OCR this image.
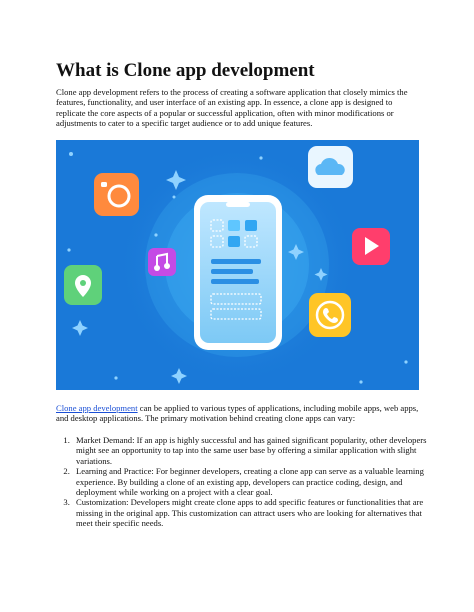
What is Clone app development

Clone app development refers to the process of creating a software application that closely mimics the features, functionality, and user interface of an existing app. In essence, a clone app is designed to replicate the core aspects of a popular or successful application, often with minor modifications or adjustments to cater to a specific target audience or to add unique features.

Clone app development can be applied to various types of applications, including mobile apps, web apps, and desktop applications. The primary motivation behind creating clone apps can vary:

1. Market Demand: If an app is highly successful and has gained significant popularity, other developers might see an opportunity to tap into the same user base by offering a similar application with slight variations.
2. Learning and Practice: For beginner developers, creating a clone app can serve as a valuable learning experience. By building a clone of an existing app, developers can practice coding, design, and deployment while working on a project with a clear goal.
3. Customization: Developers might create clone apps to add specific features or functionalities that are missing in the original app. This customization can attract users who are looking for alternatives that meet their specific needs.
